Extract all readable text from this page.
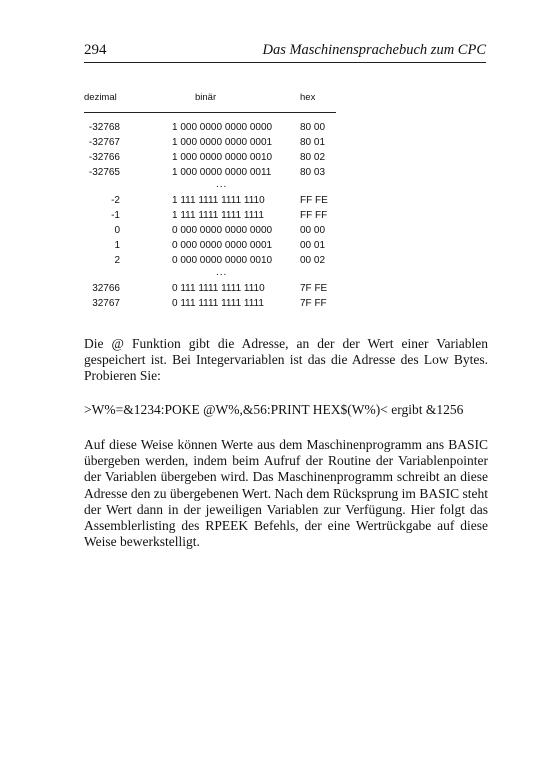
294	Das Maschinensprachebuch zum CPC
dezimal	binär	hex
-32768	1 000 0000 0000 0000	80 00
-32767	1 000 0000 0000 0001	80 01
-32766	1 000 0000 0000 0010	80 02
-32765	1 000 0000 0000 0011	80 03
...
-2	1 111 1111 1111 1110	FF FE
-1	1 111 1111 1111 1111	FF FF
0	0 000 0000 0000 0000	00 00
1	0 000 0000 0000 0001	00 01
2	0 000 0000 0000 0010	00 02
...
32766	0 111 1111 1111 1110	7F FE
32767	0 111 1111 1111 1111	7F FF

Die @ Funktion gibt die Adresse, an der der Wert einer Variablen gespeichert ist. Bei Integervariablen ist das die Adresse des Low Bytes. Probieren Sie:

>W%=&1234:POKE @W%,&56:PRINT HEX$(W%)< ergibt &1256

Auf diese Weise können Werte aus dem Maschinenprogramm ans BASIC übergeben werden, indem beim Aufruf der Routine der Variablenpointer der Variablen übergeben wird. Das Maschinenprogramm schreibt an diese Adresse den zu übergebenen Wert. Nach dem Rücksprung im BASIC steht der Wert dann in der jeweiligen Variablen zur Verfügung. Hier folgt das Assemblerlisting des RPEEK Befehls, der eine Wertrückgabe auf diese Weise bewerkstelligt.
